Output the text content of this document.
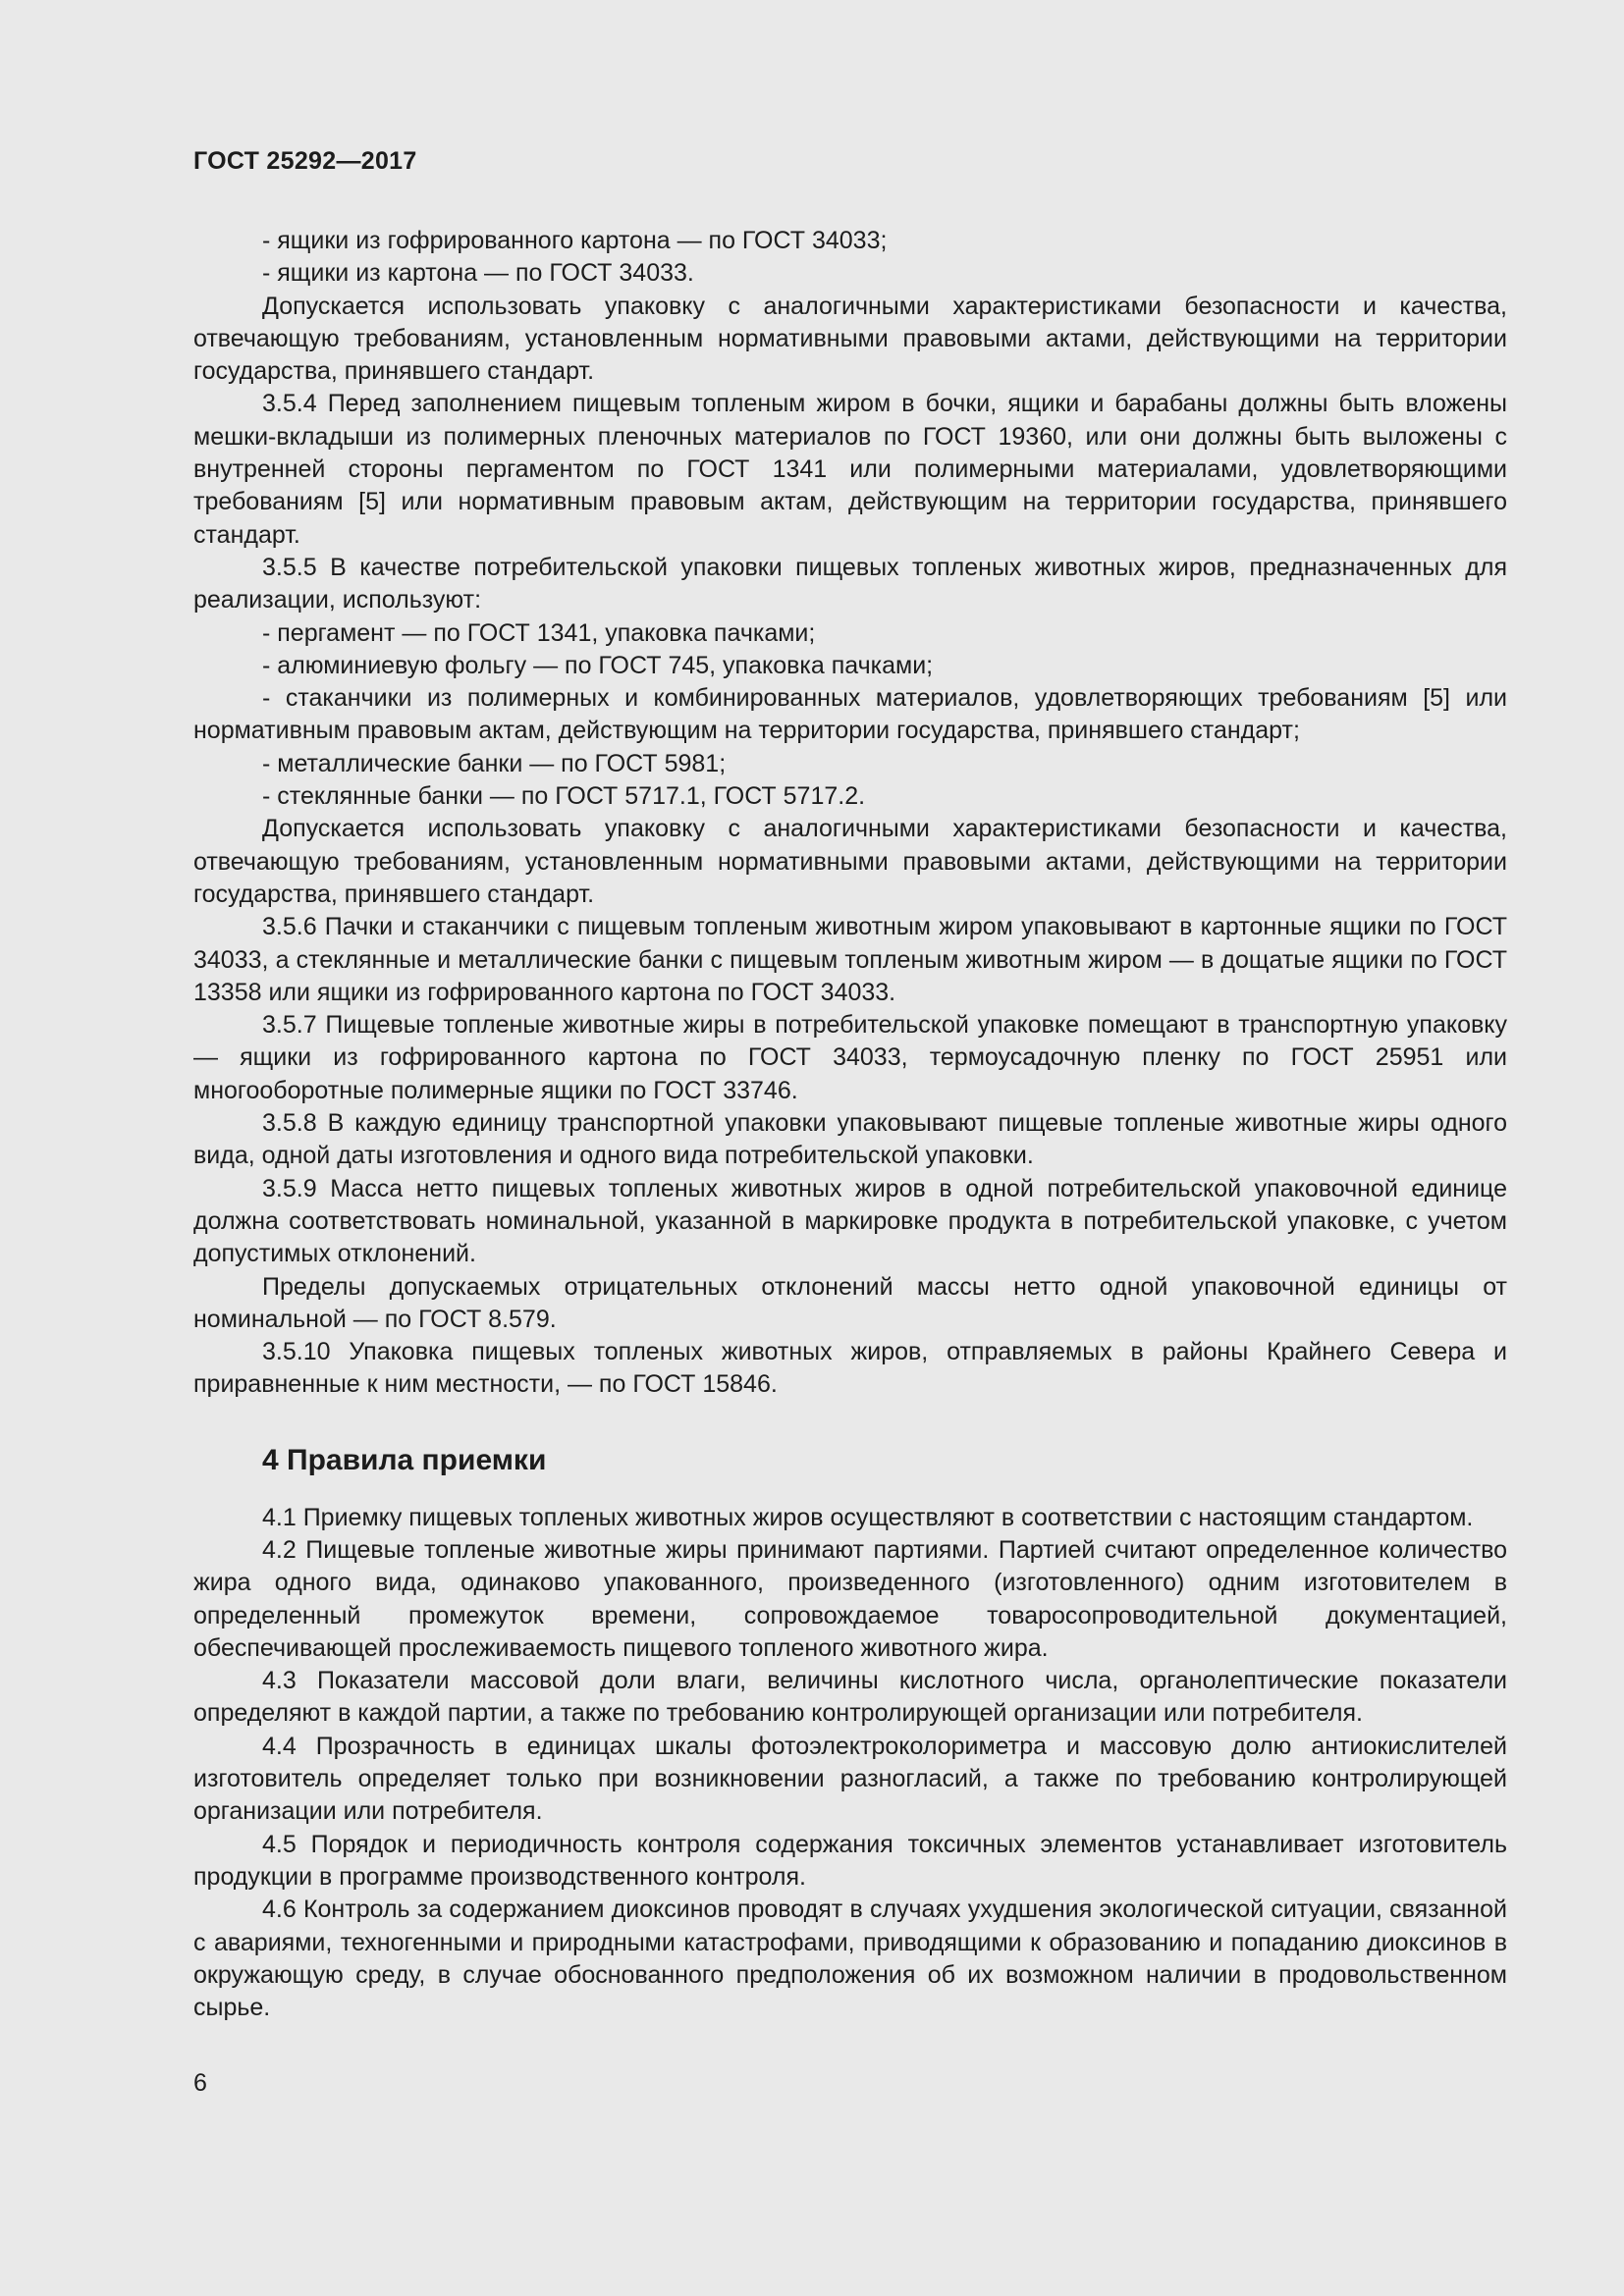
ГОСТ 25292—2017

- ящики из гофрированного картона — по ГОСТ 34033;

- ящики из картона — по ГОСТ 34033.

Допускается использовать упаковку с аналогичными характеристиками безопасности и качества, отвечающую требованиям, установленным нормативными правовыми актами, действующими на территории государства, принявшего стандарт.

3.5.4 Перед заполнением пищевым топленым жиром в бочки, ящики и барабаны должны быть вложены мешки-вкладыши из полимерных пленочных материалов по ГОСТ 19360, или они должны быть выложены с внутренней стороны пергаментом по ГОСТ 1341 или полимерными материалами, удовлетворяющими требованиям [5] или нормативным правовым актам, действующим на территории государства, принявшего стандарт.

3.5.5 В качестве потребительской упаковки пищевых топленых животных жиров, предназначенных для реализации, используют:

- пергамент — по ГОСТ 1341, упаковка пачками;

- алюминиевую фольгу — по ГОСТ 745, упаковка пачками;

- стаканчики из полимерных и комбинированных материалов, удовлетворяющих требованиям [5] или нормативным правовым актам, действующим на территории государства, принявшего стандарт;

- металлические банки — по ГОСТ 5981;

- стеклянные банки — по ГОСТ 5717.1, ГОСТ 5717.2.

Допускается использовать упаковку с аналогичными характеристиками безопасности и качества, отвечающую требованиям, установленным нормативными правовыми актами, действующими на территории государства, принявшего стандарт.

3.5.6 Пачки и стаканчики с пищевым топленым животным жиром упаковывают в картонные ящики по ГОСТ 34033, а стеклянные и металлические банки с пищевым топленым животным жиром — в дощатые ящики по ГОСТ 13358 или ящики из гофрированного картона по ГОСТ 34033.

3.5.7 Пищевые топленые животные жиры в потребительской упаковке помещают в транспортную упаковку — ящики из гофрированного картона по ГОСТ 34033, термоусадочную пленку по ГОСТ 25951 или многооборотные полимерные ящики по ГОСТ 33746.

3.5.8 В каждую единицу транспортной упаковки упаковывают пищевые топленые животные жиры одного вида, одной даты изготовления и одного вида потребительской упаковки.

3.5.9 Масса нетто пищевых топленых животных жиров в одной потребительской упаковочной единице должна соответствовать номинальной, указанной в маркировке продукта в потребительской упаковке, с учетом допустимых отклонений.

Пределы допускаемых отрицательных отклонений массы нетто одной упаковочной единицы от номинальной — по ГОСТ 8.579.

3.5.10 Упаковка пищевых топленых животных жиров, отправляемых в районы Крайнего Севера и приравненные к ним местности, — по ГОСТ 15846.

4 Правила приемки

4.1 Приемку пищевых топленых животных жиров осуществляют в соответствии с настоящим стандартом.

4.2 Пищевые топленые животные жиры принимают партиями. Партией считают определенное количество жира одного вида, одинаково упакованного, произведенного (изготовленного) одним изготовителем в определенный промежуток времени, сопровождаемое товаросопроводительной документацией, обеспечивающей прослеживаемость пищевого топленого животного жира.

4.3 Показатели массовой доли влаги, величины кислотного числа, органолептические показатели определяют в каждой партии, а также по требованию контролирующей организации или потребителя.

4.4 Прозрачность в единицах шкалы фотоэлектроколориметра и массовую долю антиокислителей изготовитель определяет только при возникновении разногласий, а также по требованию контролирующей организации или потребителя.

4.5 Порядок и периодичность контроля содержания токсичных элементов устанавливает изготовитель продукции в программе производственного контроля.

4.6 Контроль за содержанием диоксинов проводят в случаях ухудшения экологической ситуации, связанной с авариями, техногенными и природными катастрофами, приводящими к образованию и попаданию диоксинов в окружающую среду, в случае обоснованного предположения об их возможном наличии в продовольственном сырье.

6
